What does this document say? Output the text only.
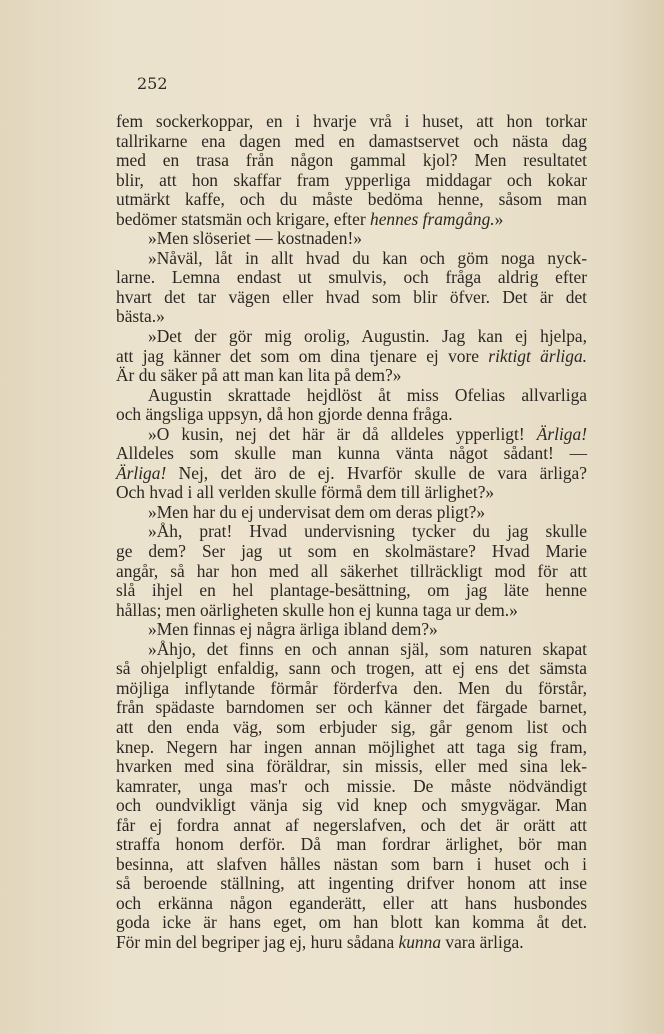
252
fem sockerkoppar, en i hvarje vrå i huset, att hon torkar
tallrikarne ena dagen med en damastservet och nästa dag
med en trasa från någon gammal kjol? Men resultatet
blir, att hon skaffar fram ypperliga middagar och kokar
utmärkt kaffe, och du måste bedöma henne, såsom man
bedömer statsmän och krigare, efter hennes framgång.»
»Men slöseriet — kostnaden!»
»Nåväl, låt in allt hvad du kan och göm noga nyck-
larne. Lemna endast ut smulvis, och fråga aldrig efter
hvart det tar vägen eller hvad som blir öfver. Det är det
bästa.»
»Det der gör mig orolig, Augustin. Jag kan ej hjelpa,
att jag känner det som om dina tjenare ej vore riktigt ärliga.
Är du säker på att man kan lita på dem?»
Augustin skrattade hejdlöst åt miss Ofelias allvarliga
och ängsliga uppsyn, då hon gjorde denna fråga.
»O kusin, nej det här är då alldeles ypperligt! Ärliga!
Alldeles som skulle man kunna vänta något sådant! —
Ärliga! Nej, det äro de ej. Hvarför skulle de vara ärliga?
Och hvad i all verlden skulle förmå dem till ärlighet?»
»Men har du ej undervisat dem om deras pligt?»
»Åh, prat! Hvad undervisning tycker du jag skulle
ge dem? Ser jag ut som en skolmästare? Hvad Marie
angår, så har hon med all säkerhet tillräckligt mod för att
slå ihjel en hel plantage-besättning, om jag läte henne
hållas; men oärligheten skulle hon ej kunna taga ur dem.»
»Men finnas ej några ärliga ibland dem?»
»Åhjo, det finns en och annan själ, som naturen skapat
så ohjelpligt enfaldig, sann och trogen, att ej ens det sämsta
möjliga inflytande förmår förderfva den. Men du förstår,
från spädaste barndomen ser och känner det färgade barnet,
att den enda väg, som erbjuder sig, går genom list och
knep. Negern har ingen annan möjlighet att taga sig fram,
hvarken med sina föräldrar, sin missis, eller med sina lek-
kamrater, unga mas'r och missie. De måste nödvändigt
och oundvikligt vänja sig vid knep och smygvägar. Man
får ej fordra annat af negerslafven, och det är orätt att
straffa honom derför. Då man fordrar ärlighet, bör man
besinna, att slafven hålles nästan som barn i huset och i
så beroende ställning, att ingenting drifver honom att inse
och erkänna någon eganderätt, eller att hans husbondes
goda icke är hans eget, om han blott kan komma åt det.
För min del begriper jag ej, huru sådana kunna vara ärliga.
